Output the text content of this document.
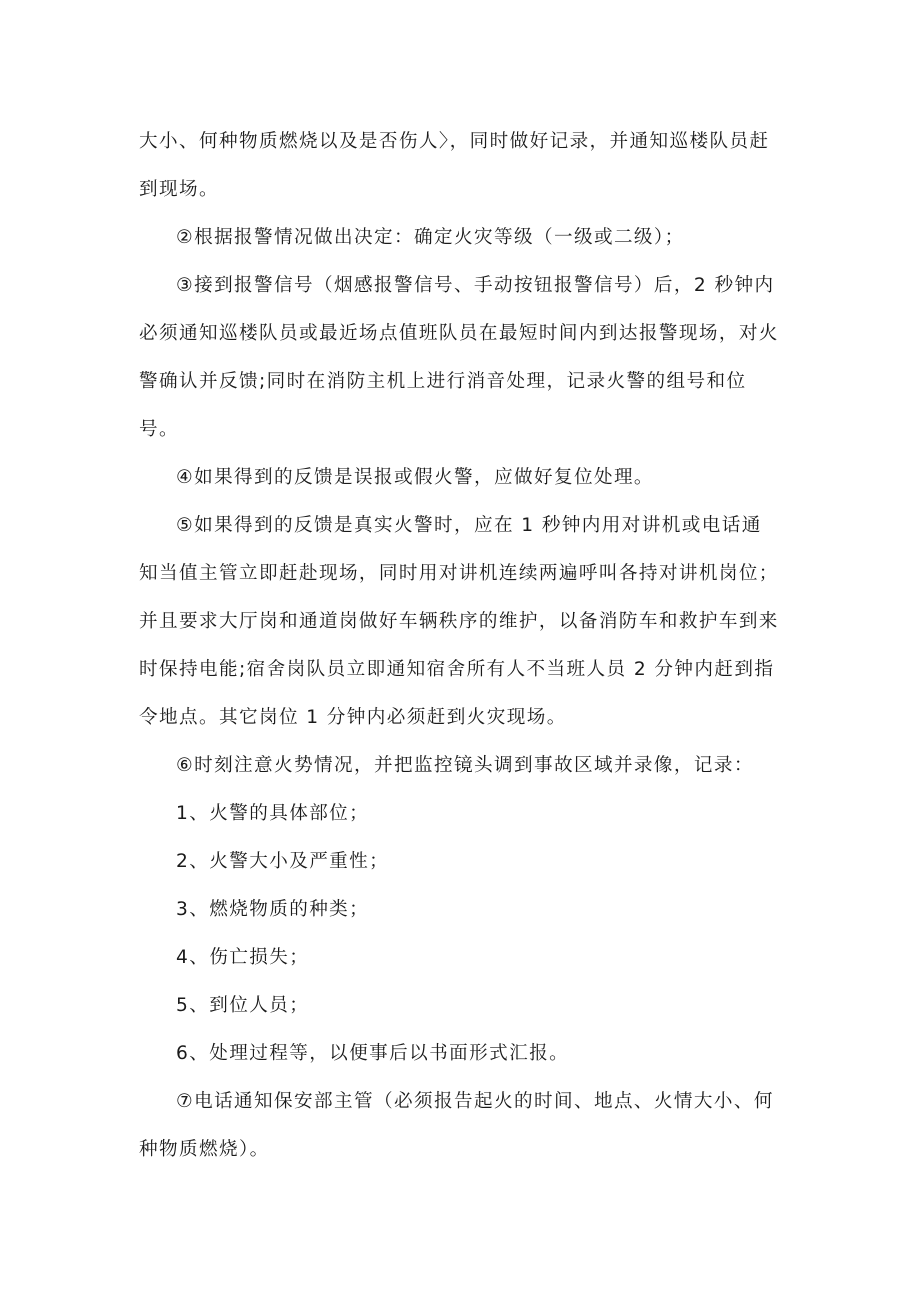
大小、何种物质燃烧以及是否伤人〉，同时做好记录，并通知巡楼队员赶
到现场。
②根据报警情况做出决定：确定火灾等级（一级或二级）；
③接到报警信号（烟感报警信号、手动按钮报警信号）后，2 秒钟内
必须通知巡楼队员或最近场点值班队员在最短时间内到达报警现场，对火
警确认并反馈;同时在消防主机上进行消音处理，记录火警的组号和位
号。
④如果得到的反馈是误报或假火警，应做好复位处理。
⑤如果得到的反馈是真实火警时，应在 1 秒钟内用对讲机或电话通
知当值主管立即赶赴现场，同时用对讲机连续两遍呼叫各持对讲机岗位；
并且要求大厅岗和通道岗做好车辆秩序的维护，以备消防车和救护车到来
时保持电能;宿舍岗队员立即通知宿舍所有人不当班人员 2 分钟内赶到指
令地点。其它岗位 1 分钟内必须赶到火灾现场。
⑥时刻注意火势情况，并把监控镜头调到事故区域并录像，记录：
1、火警的具体部位；
2、火警大小及严重性；
3、燃烧物质的种类；
4、伤亡损失；
5、到位人员；
6、处理过程等，以便事后以书面形式汇报。
⑦电话通知保安部主管（必须报告起火的时间、地点、火情大小、何
种物质燃烧）。
